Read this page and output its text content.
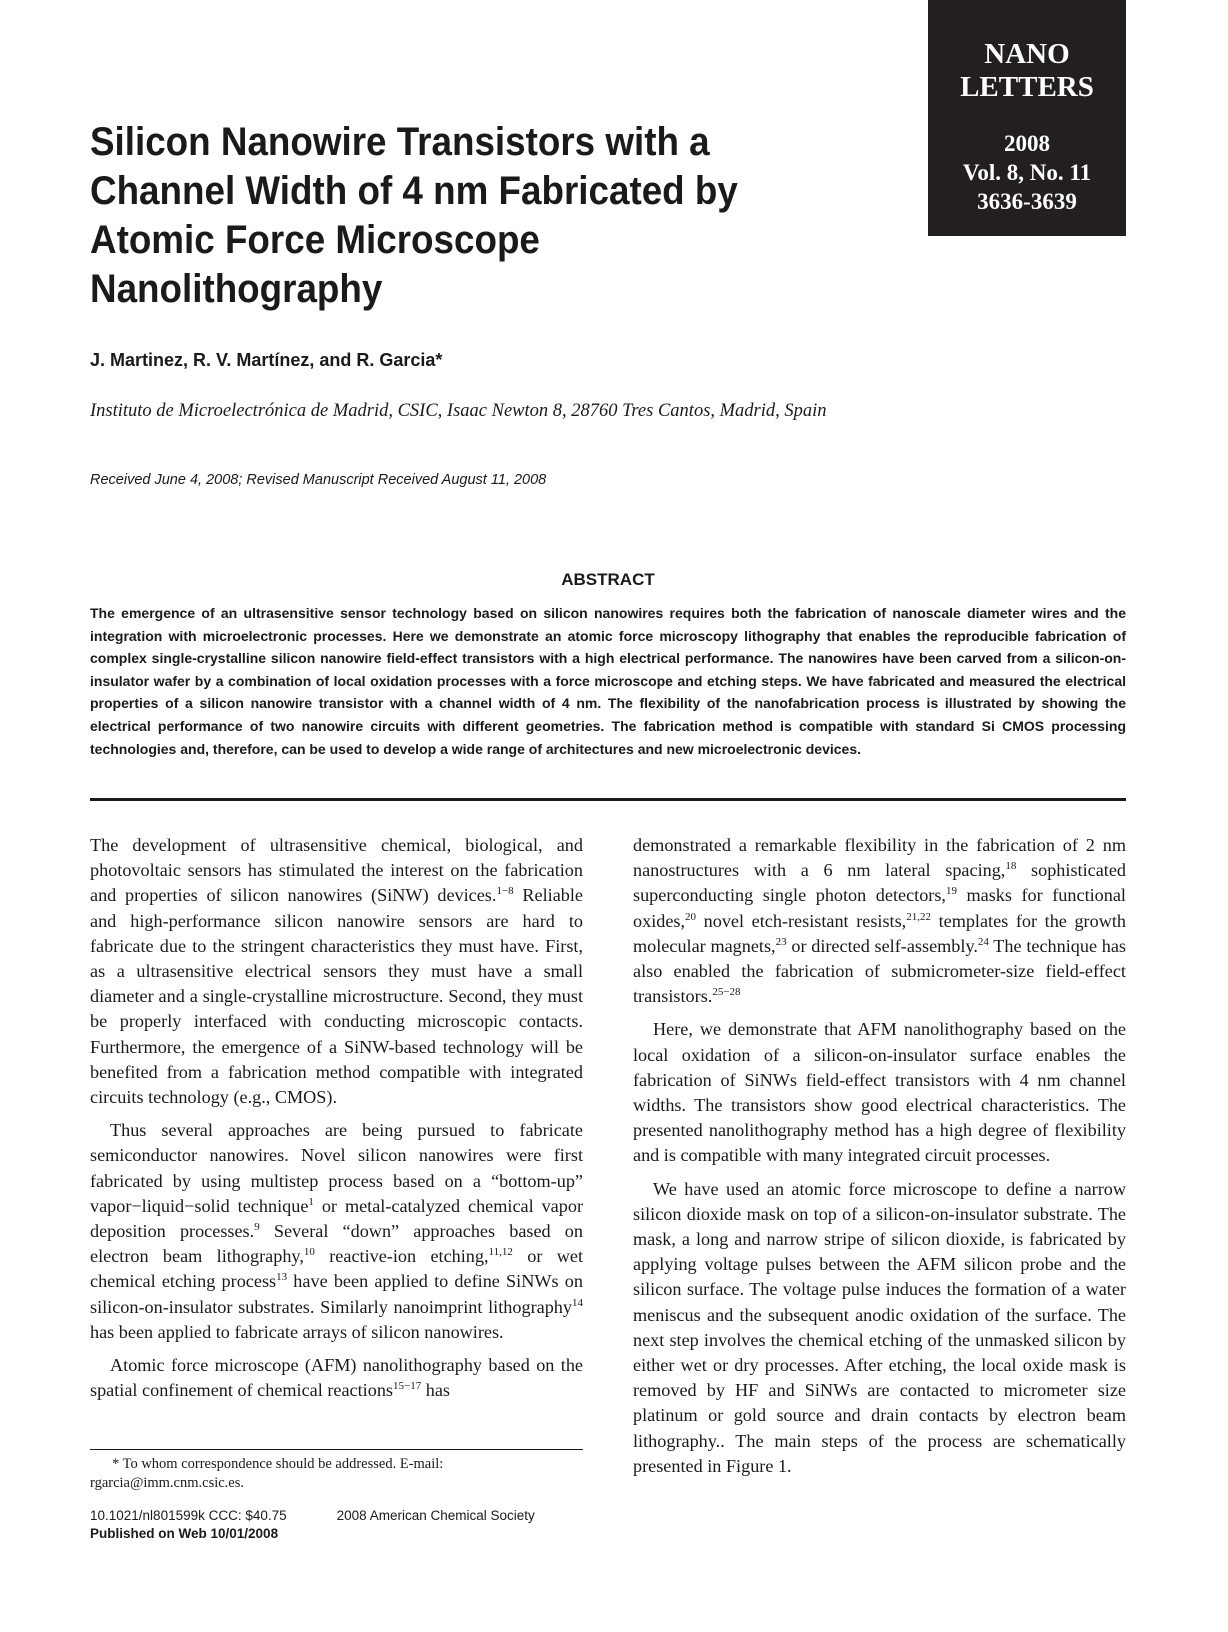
NANO
LETTERS
2008
Vol. 8, No. 11
3636-3639
Silicon Nanowire Transistors with a Channel Width of 4 nm Fabricated by Atomic Force Microscope Nanolithography

J. Martinez, R. V. Martínez, and R. Garcia*

Instituto de Microelectrónica de Madrid, CSIC, Isaac Newton 8, 28760 Tres Cantos, Madrid, Spain

Received June 4, 2008; Revised Manuscript Received August 11, 2008

ABSTRACT

The emergence of an ultrasensitive sensor technology based on silicon nanowires requires both the fabrication of nanoscale diameter wires and the integration with microelectronic processes. Here we demonstrate an atomic force microscopy lithography that enables the reproducible fabrication of complex single-crystalline silicon nanowire field-effect transistors with a high electrical performance. The nanowires have been carved from a silicon-on-insulator wafer by a combination of local oxidation processes with a force microscope and etching steps. We have fabricated and measured the electrical properties of a silicon nanowire transistor with a channel width of 4 nm. The flexibility of the nanofabrication process is illustrated by showing the electrical performance of two nanowire circuits with different geometries. The fabrication method is compatible with standard Si CMOS processing technologies and, therefore, can be used to develop a wide range of architectures and new microelectronic devices.

The development of ultrasensitive chemical, biological, and photovoltaic sensors has stimulated the interest on the fabrication and properties of silicon nanowires (SiNW) devices.$^{1-8}$ Reliable and high-performance silicon nanowire sensors are hard to fabricate due to the stringent characteristics they must have. First, as a ultrasensitive electrical sensors they must have a small diameter and a single-crystalline microstructure. Second, they must be properly interfaced with conducting microscopic contacts. Furthermore, the emergence of a SiNW-based technology will be benefited from a fabrication method compatible with integrated circuits technology (e.g., CMOS).

Thus several approaches are being pursued to fabricate semiconductor nanowires. Novel silicon nanowires were first fabricated by using multistep process based on a “bottom-up” vapor−liquid−solid technique$^1$ or metal-catalyzed chemical vapor deposition processes.$^9$ Several “down” approaches based on electron beam lithography,$^{10}$ reactive-ion etching,$^{11,12}$ or wet chemical etching process$^{13}$ have been applied to define SiNWs on silicon-on-insulator substrates. Similarly nanoimprint lithography$^{14}$ has been applied to fabricate arrays of silicon nanowires.

Atomic force microscope (AFM) nanolithography based on the spatial confinement of chemical reactions$^{15-17}$ has

demonstrated a remarkable flexibility in the fabrication of 2 nm nanostructures with a 6 nm lateral spacing,$^{18}$ sophisticated superconducting single photon detectors,$^{19}$ masks for functional oxides,$^{20}$ novel etch-resistant resists,$^{21,22}$ templates for the growth molecular magnets,$^{23}$ or directed self-assembly.$^{24}$ The technique has also enabled the fabrication of submicrometer-size field-effect transistors.$^{25-28}$

Here, we demonstrate that AFM nanolithography based on the local oxidation of a silicon-on-insulator surface enables the fabrication of SiNWs field-effect transistors with 4 nm channel widths. The transistors show good electrical characteristics. The presented nanolithography method has a high degree of flexibility and is compatible with many integrated circuit processes.

We have used an atomic force microscope to define a narrow silicon dioxide mask on top of a silicon-on-insulator substrate. The mask, a long and narrow stripe of silicon dioxide, is fabricated by applying voltage pulses between the AFM silicon probe and the silicon surface. The voltage pulse induces the formation of a water meniscus and the subsequent anodic oxidation of the surface. The next step involves the chemical etching of the unmasked silicon by either wet or dry processes. After etching, the local oxide mask is removed by HF and SiNWs are contacted to micrometer size platinum or gold source and drain contacts by electron beam lithography.. The main steps of the process are schematically presented in Figure 1.

* To whom correspondence should be addressed. E-mail: rgarcia@imm.cnm.csic.es.

10.1021/nl801599k CCC: $40.75	2008 American Chemical Society

Published on Web 10/01/2008
